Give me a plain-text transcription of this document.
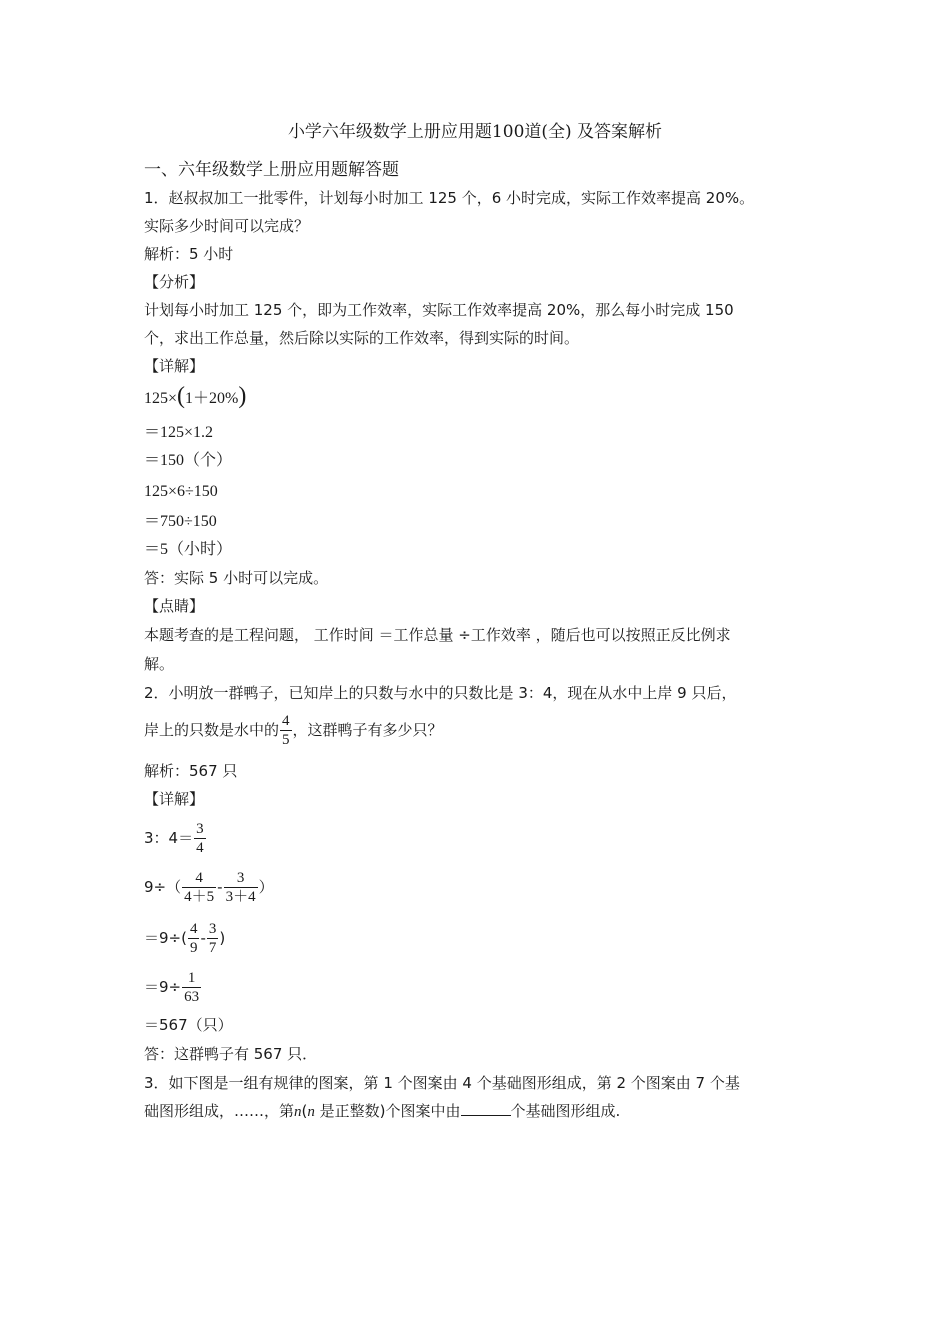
小学六年级数学上册应用题100道(全) 及答案解析
一、六年级数学上册应用题解答题
1．赵叔叔加工一批零件，计划每小时加工 125 个，6 小时完成，实际工作效率提高 20%。
实际多少时间可以完成？
解析：5 小时
【分析】
计划每小时加工 125 个，即为工作效率，实际工作效率提高 20%，那么每小时完成 150
个，求出工作总量，然后除以实际的工作效率，得到实际的时间。
【详解】
125×(1＋20%)
＝125×1.2
＝150（个）
125×6÷150
＝750÷150
＝5（小时）
答：实际 5 小时可以完成。
【点睛】
本题考查的是工程问题， 工作时间 ＝工作总量 ÷工作效率 ，随后也可以按照正反比例求
解。
2．小明放一群鸭子，已知岸上的只数与水中的只数比是 3：4，现在从水中上岸 9 只后，
岸上的只数是水中的 $\frac{4}{5}$ ，这群鸭子有多少只？
解析：567 只
【详解】
3：$4= \frac{3}{4}$
$9\div( \frac{4}{4+5} - \frac{3}{3+4}$ ）
$=9\div( \frac{4}{9} - \frac{3}{7}$ )
$=9\div \frac{1}{63}$
＝567（只）
答：这群鸭子有 567 只．
3．如下图是一组有规律的图案，第 1 个图案由 4 个基础图形组成，第 2 个图案由 7 个基
础图形组成，……，第n(n 是正整数)个图案中由	个基础图形组成.
